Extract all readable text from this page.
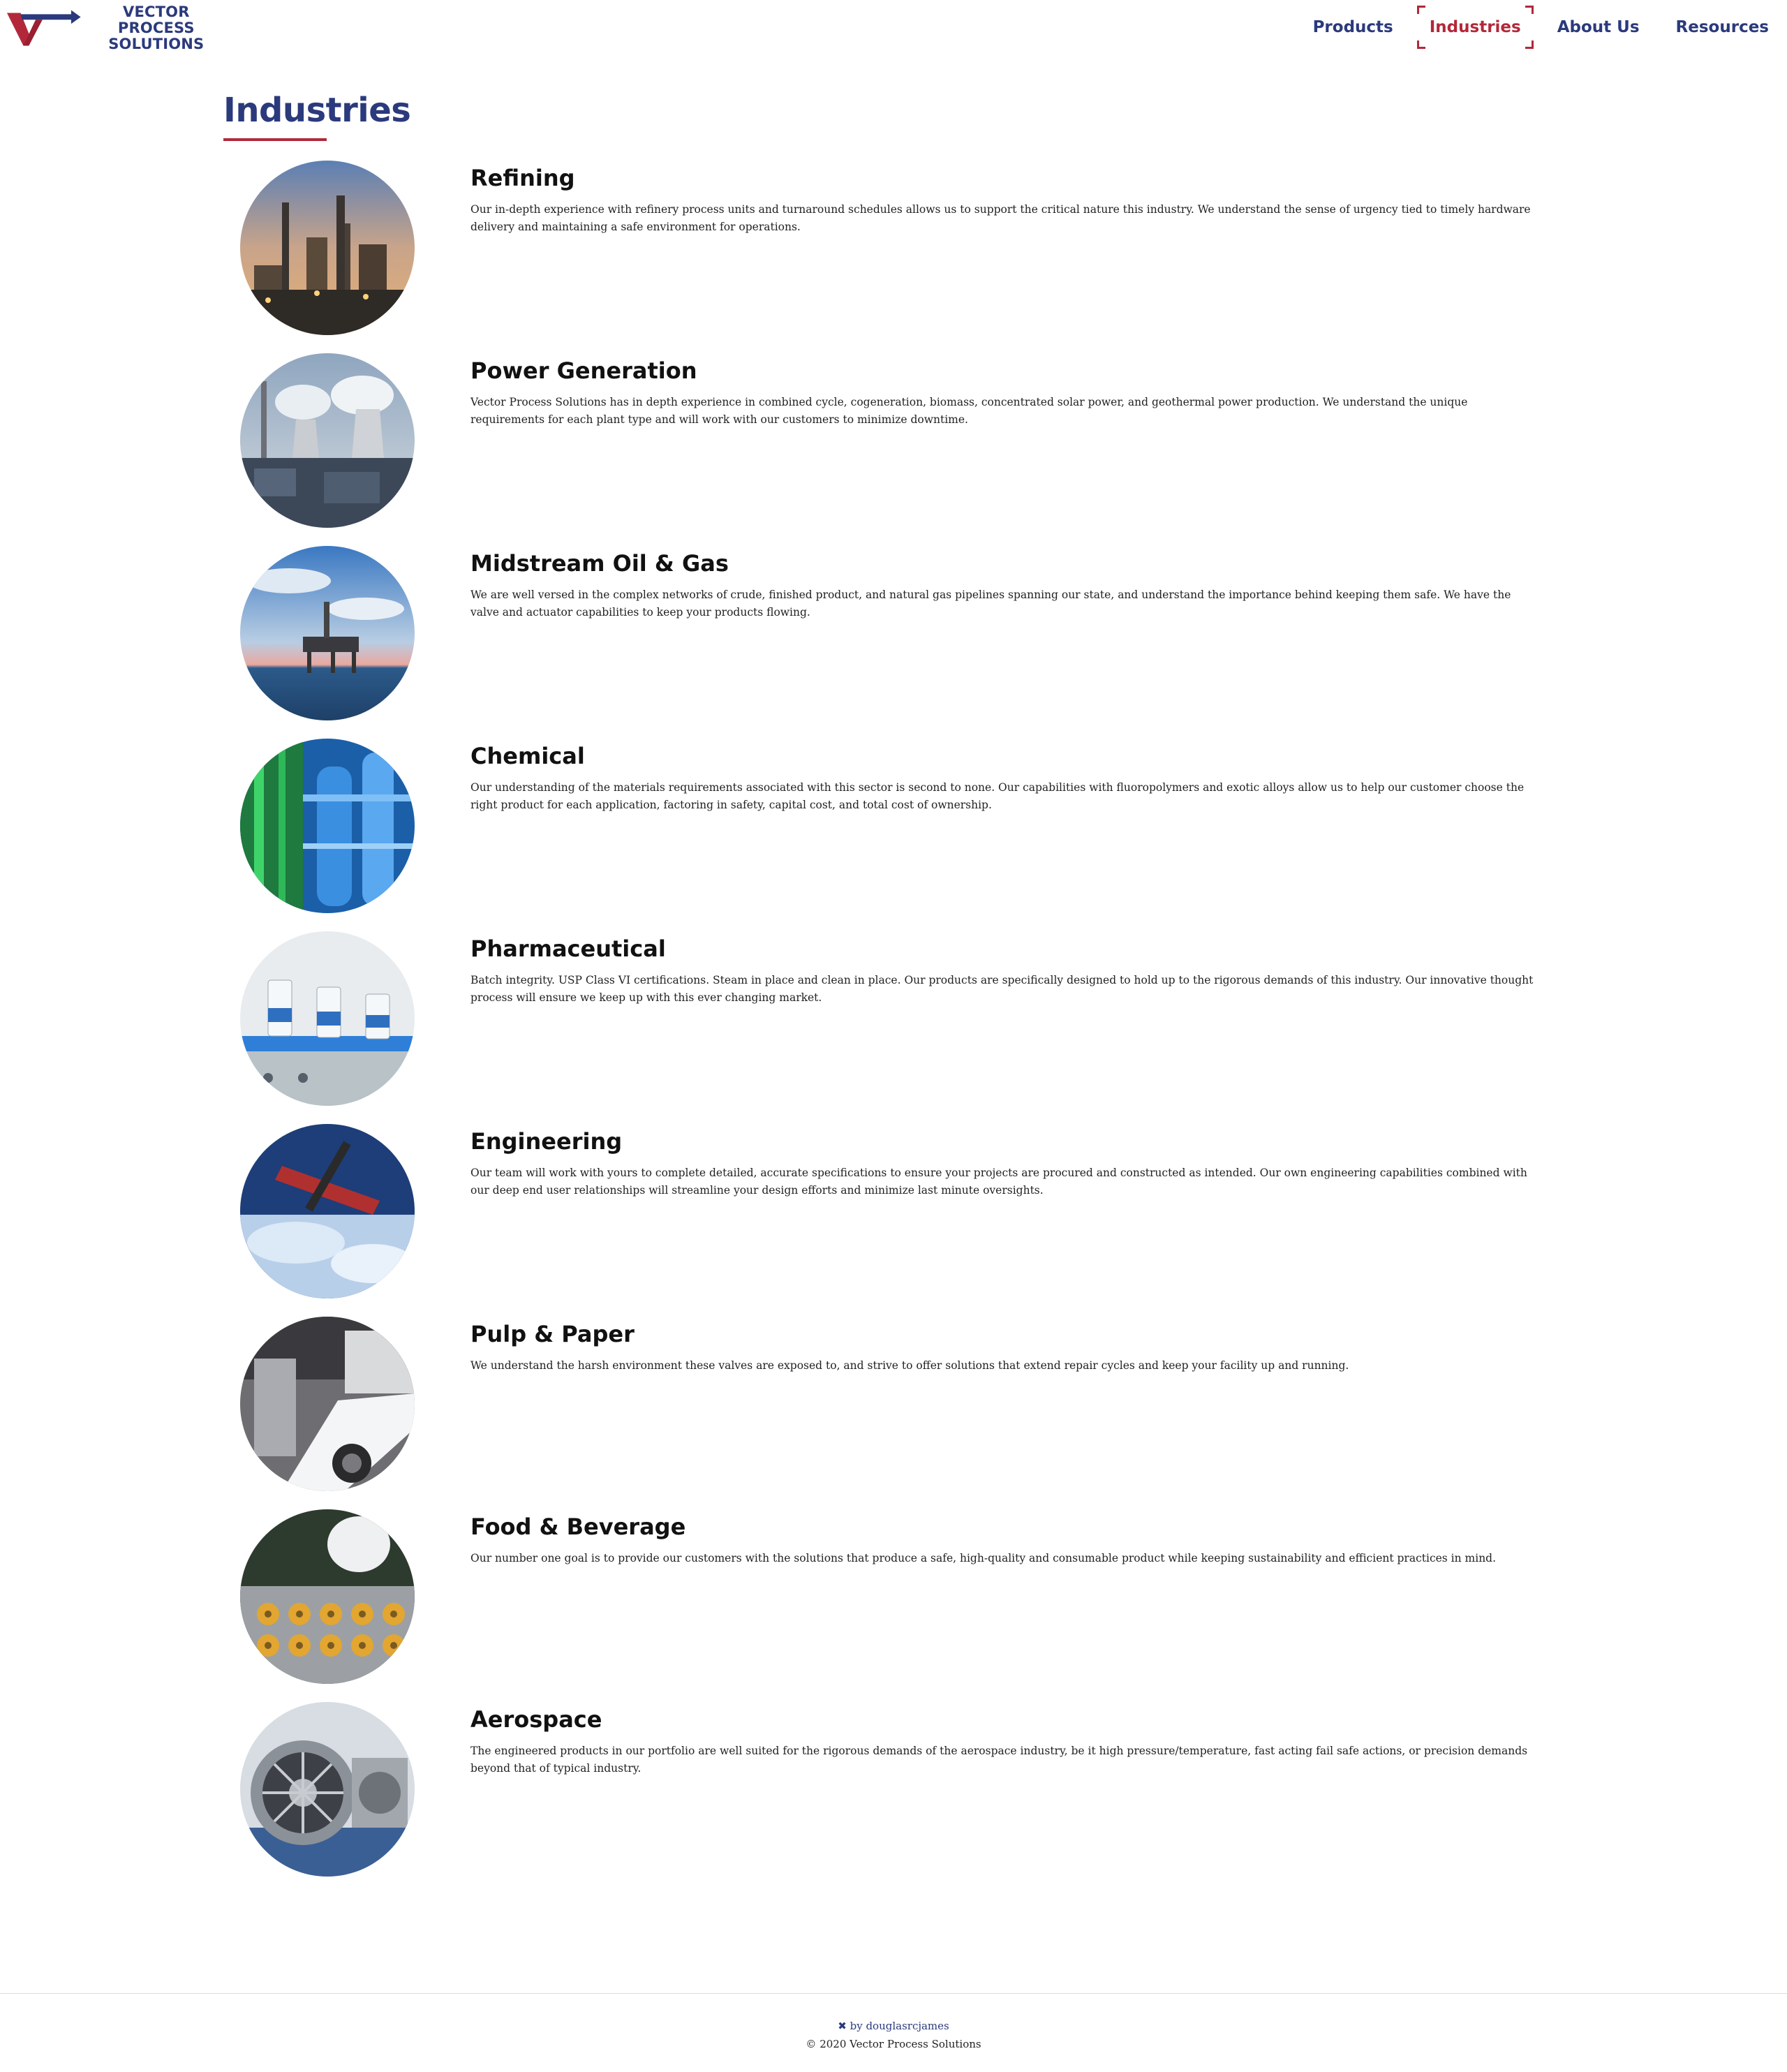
VECTOR PROCESS
SOLUTIONS
Products Industries About Us Resources
Industries
Refining

Our in-depth experience with refinery process units and turnaround schedules allows us to support the critical nature this industry. We understand the sense of urgency tied to timely hardware delivery and maintaining a safe environment for operations.

Power Generation

Vector Process Solutions has in depth experience in combined cycle, cogeneration, biomass, concentrated solar power, and geothermal power production. We understand the unique requirements for each plant type and will work with our customers to minimize downtime.

Midstream Oil & Gas

We are well versed in the complex networks of crude, finished product, and natural gas pipelines spanning our state, and understand the importance behind keeping them safe. We have the valve and actuator capabilities to keep your products flowing.

Chemical

Our understanding of the materials requirements associated with this sector is second to none. Our capabilities with fluoropolymers and exotic alloys allow us to help our customer choose the right product for each application, factoring in safety, capital cost, and total cost of ownership.

Pharmaceutical

Batch integrity. USP Class VI certifications. Steam in place and clean in place. Our products are specifically designed to hold up to the rigorous demands of this industry. Our innovative thought process will ensure we keep up with this ever changing market.

Engineering

Our team will work with yours to complete detailed, accurate specifications to ensure your projects are procured and constructed as intended. Our own engineering capabilities combined with our deep end user relationships will streamline your design efforts and minimize last minute oversights.

Pulp & Paper

We understand the harsh environment these valves are exposed to, and strive to offer solutions that extend repair cycles and keep your facility up and running.

Food & Beverage

Our number one goal is to provide our customers with the solutions that produce a safe, high-quality and consumable product while keeping sustainability and efficient practices in mind.

Aerospace

The engineered products in our portfolio are well suited for the rigorous demands of the aerospace industry, be it high pressure/temperature, fast acting fail safe actions, or precision demands beyond that of typical industry.

✖ by douglasrcjames
© 2020 Vector Process Solutions
